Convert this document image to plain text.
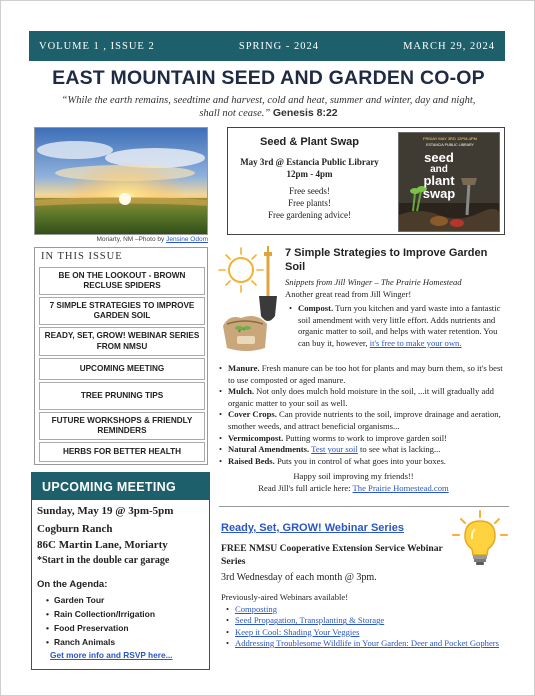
VOLUME 1 , ISSUE 2	SPRING - 2024	MARCH 29, 2024
EAST MOUNTAIN SEED AND GARDEN CO-OP
“While the earth remains, seedtime and harvest, cold and heat, summer and winter, day and night, shall not cease.” Genesis 8:22
Moriarty, NM –Photo by Jensine Odom
Seed & Plant Swap
May 3rd @ Estancia Public Library
12pm - 4pm
Free seeds!
Free plants!
Free gardening advice!
FRIDAY MAY 3RD 12PM-4PM
ESTANCIA PUBLIC LIBRARY
seed
and
plant
swap
IN THIS ISSUE
BE ON THE LOOKOUT - BROWN RECLUSE SPIDERS
7 SIMPLE STRATEGIES TO IMPROVE GARDEN SOIL
READY, SET, GROW! WEBINAR SERIES FROM NMSU
UPCOMING MEETING
TREE PRUNING TIPS
FUTURE WORKSHOPS & FRIENDLY REMINDERS
HERBS FOR BETTER HEALTH
UPCOMING MEETING
Sunday, May 19 @ 3pm-5pm
Cogburn Ranch
86C Martin Lane, Moriarty
*Start in the double car garage
On the Agenda:
• Garden Tour
• Rain Collection/Irrigation
• Food Preservation
• Ranch Animals
Get more info and RSVP here...
7 Simple Strategies to Improve Garden Soil
Snippets from Jill Winger – The Prairie Homestead
Another great read from Jill Winger!
• Compost. Turn you kitchen and yard waste into a fantastic soil amendment with very little effort. Adds nutrients and organic matter to soil, and helps with water retention. You can buy it, however, it's free to make your own.
• Manure. Fresh manure can be too hot for plants and may burn them, so it's best to use composted or aged manure.
• Mulch. Not only does mulch hold moisture in the soil, ...it will gradually add organic matter to your soil as well.
• Cover Crops. Can provide nutrients to the soil, improve drainage and aeration, smother weeds, and attract beneficial organisms...
• Vermicompost. Putting worms to work to improve garden soil!
• Natural Amendments. Test your soil to see what is lacking...
• Raised Beds. Puts you in control of what goes into your boxes.
Happy soil improving my friends!!
Read Jill's full article here: The Prairie Homestead.com
Ready, Set, GROW! Webinar Series
FREE NMSU Cooperative Extension Service Webinar Series
3rd Wednesday of each month @ 3pm.
Previously-aired Webinars available!
• Composting
• Seed Propagation, Transplanting & Storage
• Keep it Cool: Shading Your Veggies
• Addressing Troublesome Wildlife in Your Garden: Deer and Pocket Gophers
